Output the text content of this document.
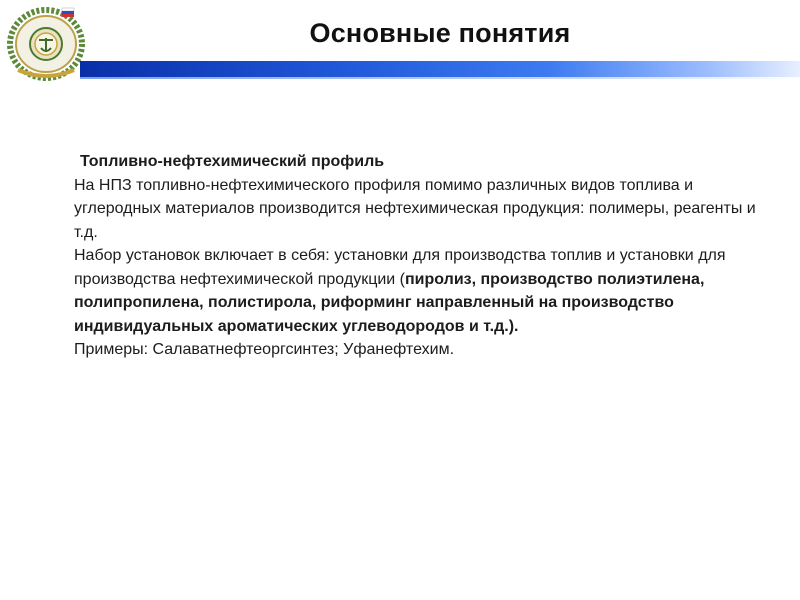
Основные понятия

Топливно-нефтехимический профиль

На НПЗ топливно-нефтехимического профиля помимо различных видов топлива и углеродных материалов производится нефтехимическая продукция: полимеры, реагенты и т.д.

Набор установок включает в себя: установки для производства топлив и установки для производства нефтехимической продукции (пиролиз, производство полиэтилена, полипропилена, полистирола, риформинг направленный на производство индивидуальных ароматических углеводородов и т.д.).

Примеры: Салаватнефтеоргсинтез; Уфанефтехим.
